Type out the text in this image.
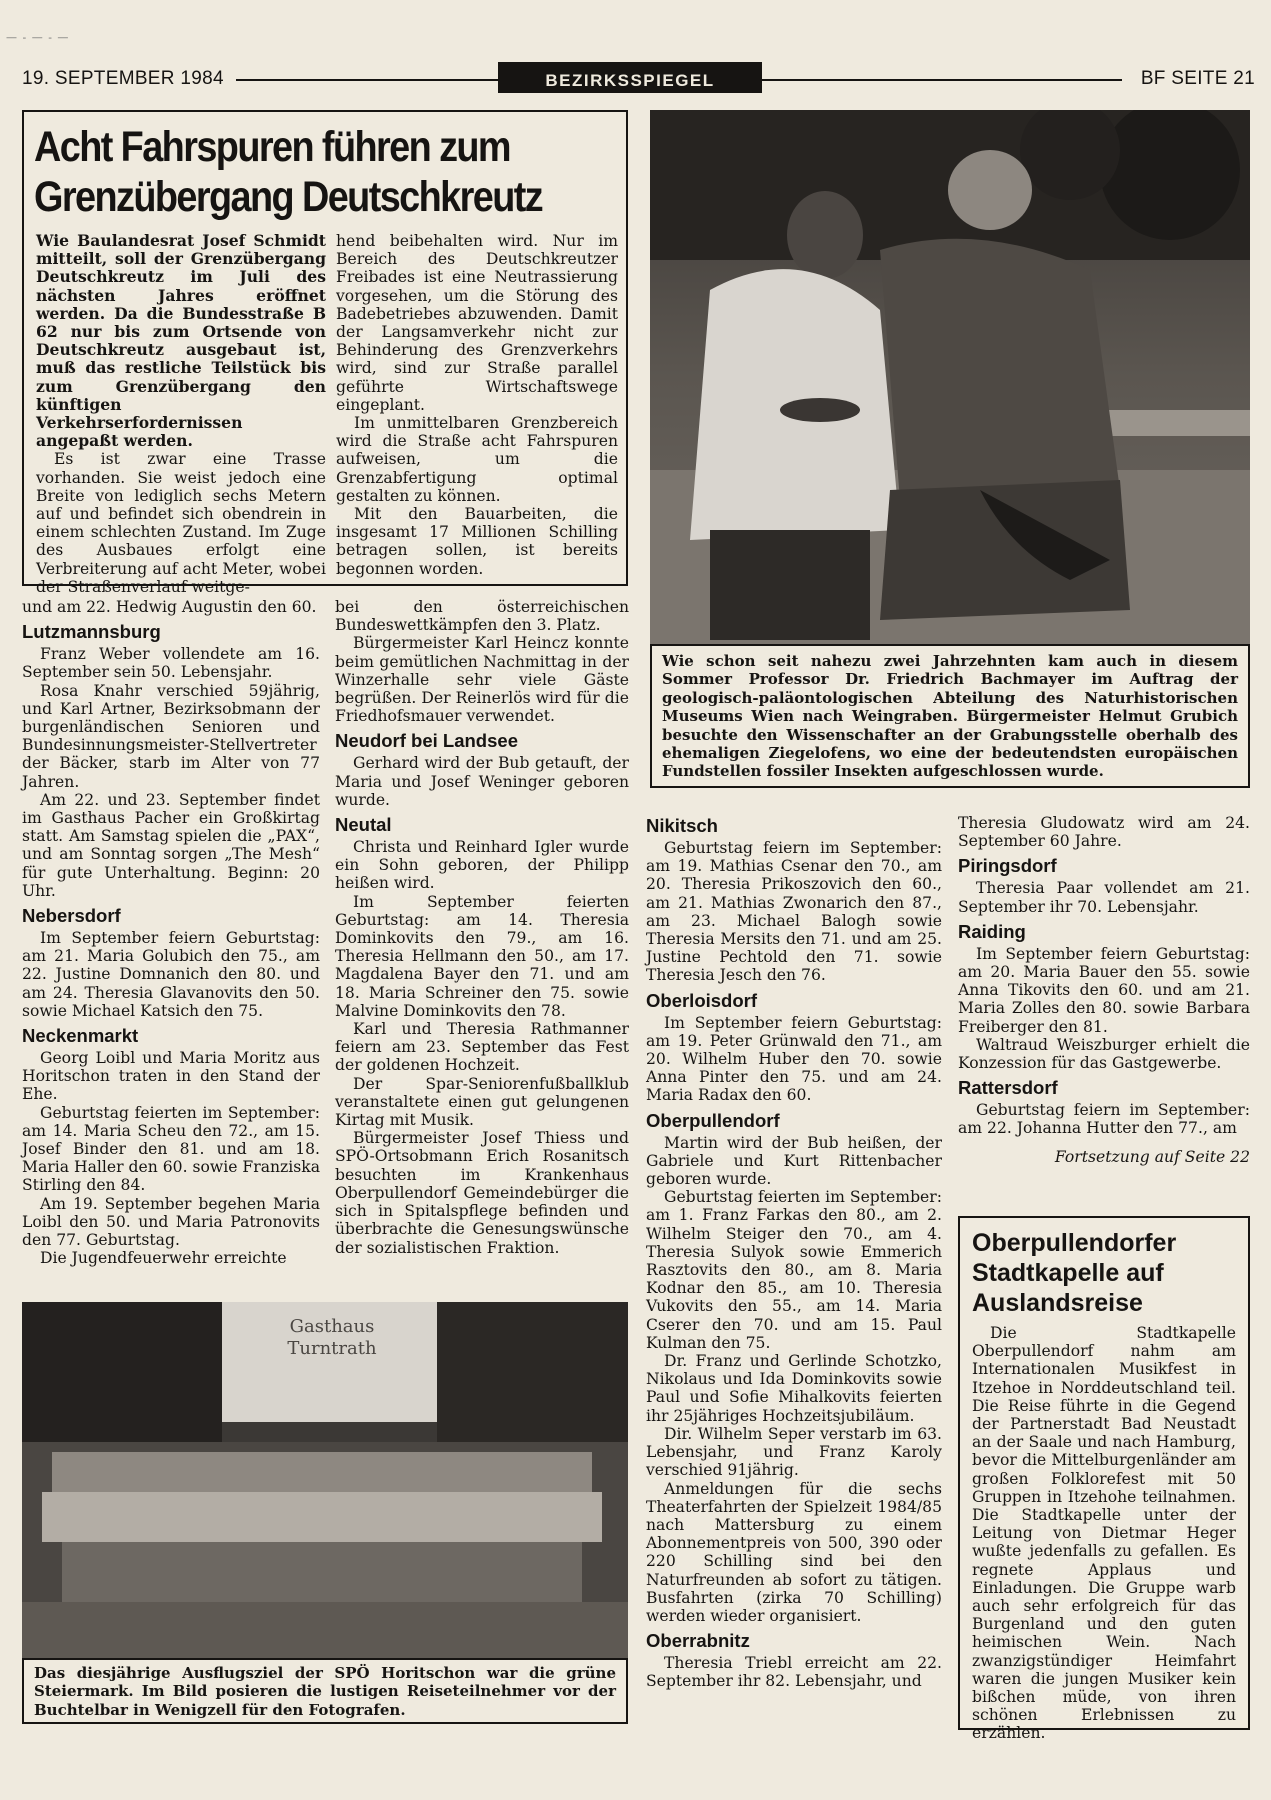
— - — - —
19. SEPTEMBER 1984	BEZIRKSSPIEGEL	BF SEITE 21
Acht Fahrspuren führen zum
Grenzübergang Deutschkreutz

Wie Baulandesrat Josef Schmidt mitteilt, soll der Grenzübergang Deutschkreutz im Juli des nächsten Jahres eröffnet werden. Da die Bundesstraße B 62 nur bis zum Ortsende von Deutschkreutz ausgebaut ist, muß das restliche Teilstück bis zum Grenzübergang den künftigen Verkehrserfordernissen angepaßt werden.

Es ist zwar eine Trasse vorhanden. Sie weist jedoch eine Breite von lediglich sechs Metern auf und befindet sich obendrein in einem schlechten Zustand. Im Zuge des Ausbaues erfolgt eine Verbreiterung auf acht Meter, wobei der Straßenverlauf weitge-

hend beibehalten wird. Nur im Bereich des Deutschkreutzer Freibades ist eine Neutrassierung vorgesehen, um die Störung des Badebetriebes abzuwenden. Damit der Langsamverkehr nicht zur Behinderung des Grenzverkehrs wird, sind zur Straße parallel geführte Wirtschaftswege eingeplant.

Im unmittelbaren Grenzbereich wird die Straße acht Fahrspuren aufweisen, um die Grenzabfertigung optimal gestalten zu können.

Mit den Bauarbeiten, die insgesamt 17 Millionen Schilling betragen sollen, ist bereits begonnen worden.

Wie schon seit nahezu zwei Jahrzehnten kam auch in diesem Sommer Professor Dr. Friedrich Bachmayer im Auftrag der geologisch-paläontologischen Abteilung des Naturhistorischen Museums Wien nach Weingraben. Bürgermeister Helmut Grubich besuchte den Wissenschafter an der Grabungsstelle oberhalb des ehemaligen Ziegelofens, wo eine der bedeutendsten europäischen Fundstellen fossiler Insekten aufgeschlossen wurde.

und am 22. Hedwig Augustin den 60.

Lutzmannsburg

Franz Weber vollendete am 16. September sein 50. Lebensjahr.

Rosa Knahr verschied 59jährig, und Karl Artner, Bezirksobmann der burgenländischen Senioren und Bundesinnungsmeister-Stellvertreter der Bäcker, starb im Alter von 77 Jahren.

Am 22. und 23. September findet im Gasthaus Pacher ein Großkirtag statt. Am Samstag spielen die „PAX“, und am Sonntag sorgen „The Mesh“ für gute Unterhaltung. Beginn: 20 Uhr.

Nebersdorf

Im September feiern Geburtstag: am 21. Maria Golubich den 75., am 22. Justine Domnanich den 80. und am 24. Theresia Glavanovits den 50. sowie Michael Katsich den 75.

Neckenmarkt

Georg Loibl und Maria Moritz aus Horitschon traten in den Stand der Ehe.

Geburtstag feierten im September: am 14. Maria Scheu den 72., am 15. Josef Binder den 81. und am 18. Maria Haller den 60. sowie Franziska Stirling den 84.

Am 19. September begehen Maria Loibl den 50. und Maria Patronovits den 77. Geburtstag.

Die Jugendfeuerwehr erreichte

bei den österreichischen Bundeswettkämpfen den 3. Platz.

Bürgermeister Karl Heincz konnte beim gemütlichen Nachmittag in der Winzerhalle sehr viele Gäste begrüßen. Der Reinerlös wird für die Friedhofsmauer verwendet.

Neudorf bei Landsee

Gerhard wird der Bub getauft, der Maria und Josef Weninger geboren wurde.

Neutal

Christa und Reinhard Igler wurde ein Sohn geboren, der Philipp heißen wird.

Im September feierten Geburtstag: am 14. Theresia Dominkovits den 79., am 16. Theresia Hellmann den 50., am 17. Magdalena Bayer den 71. und am 18. Maria Schreiner den 75. sowie Malvine Dominkovits den 78.

Karl und Theresia Rathmanner feiern am 23. September das Fest der goldenen Hochzeit.

Der Spar-Seniorenfußballklub veranstaltete einen gut gelungenen Kirtag mit Musik.

Bürgermeister Josef Thiess und SPÖ-Ortsobmann Erich Rosanitsch besuchten im Krankenhaus Oberpullendorf Gemeindebürger die sich in Spitalspflege befinden und überbrachte die Genesungswünsche der sozialistischen Fraktion.

Gasthaus
Turntrath
Das diesjährige Ausflugsziel der SPÖ Horitschon war die grüne Steiermark. Im Bild posieren die lustigen Reiseteilnehmer vor der Buchtelbar in Wenigzell für den Fotografen.
Nikitsch

Geburtstag feiern im September: am 19. Mathias Csenar den 70., am 20. Theresia Prikoszovich den 60., am 21. Mathias Zwonarich den 87., am 23. Michael Balogh sowie Theresia Mersits den 71. und am 25. Justine Pechtold den 71. sowie Theresia Jesch den 76.

Oberloisdorf

Im September feiern Geburtstag: am 19. Peter Grünwald den 71., am 20. Wilhelm Huber den 70. sowie Anna Pinter den 75. und am 24. Maria Radax den 60.

Oberpullendorf

Martin wird der Bub heißen, der Gabriele und Kurt Rittenbacher geboren wurde.

Geburtstag feierten im September: am 1. Franz Farkas den 80., am 2. Wilhelm Steiger den 70., am 4. Theresia Sulyok sowie Emmerich Rasztovits den 80., am 8. Maria Kodnar den 85., am 10. Theresia Vukovits den 55., am 14. Maria Cserer den 70. und am 15. Paul Kulman den 75.

Dr. Franz und Gerlinde Schotzko, Nikolaus und Ida Dominkovits sowie Paul und Sofie Mihalkovits feierten ihr 25jähriges Hochzeitsjubiläum.

Dir. Wilhelm Seper verstarb im 63. Lebensjahr, und Franz Karoly verschied 91jährig.

Anmeldungen für die sechs Theaterfahrten der Spielzeit 1984/85 nach Mattersburg zu einem Abonnementpreis von 500, 390 oder 220 Schilling sind bei den Naturfreunden ab sofort zu tätigen. Busfahrten (zirka 70 Schilling) werden wieder organisiert.

Oberrabnitz

Theresia Triebl erreicht am 22. September ihr 82. Lebensjahr, und

Theresia Gludowatz wird am 24. September 60 Jahre.

Piringsdorf

Theresia Paar vollendet am 21. September ihr 70. Lebensjahr.

Raiding

Im September feiern Geburtstag: am 20. Maria Bauer den 55. sowie Anna Tikovits den 60. und am 21. Maria Zolles den 80. sowie Barbara Freiberger den 81.

Waltraud Weiszburger erhielt die Konzession für das Gastgewerbe.

Rattersdorf

Geburtstag feiern im September: am 22. Johanna Hutter den 77., am

Fortsetzung auf Seite 22

Oberpullendorfer Stadtkapelle auf Auslandsreise

Die Stadtkapelle Oberpullendorf nahm am Internationalen Musikfest in Itzehoe in Norddeutschland teil. Die Reise führte in die Gegend der Partnerstadt Bad Neustadt an der Saale und nach Hamburg, bevor die Mittelburgenländer am großen Folklorefest mit 50 Gruppen in Itzehohe teilnahmen. Die Stadtkapelle unter der Leitung von Dietmar Heger wußte jedenfalls zu gefallen. Es regnete Applaus und Einladungen. Die Gruppe warb auch sehr erfolgreich für das Burgenland und den guten heimischen Wein. Nach zwanzigstündiger Heimfahrt waren die jungen Musiker kein bißchen müde, von ihren schönen Erlebnissen zu erzählen.
